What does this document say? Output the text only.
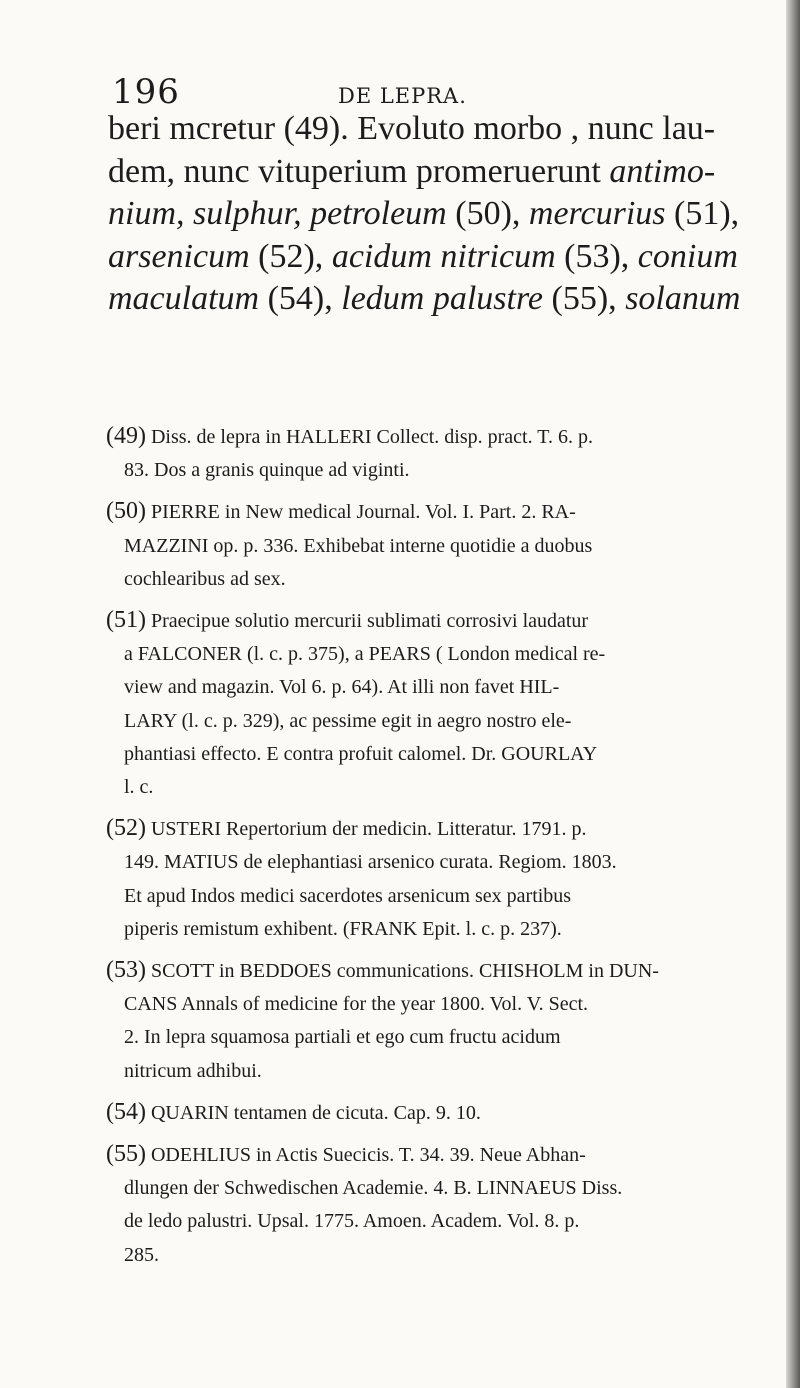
196	DE LEPRA.
beri mcretur (49). Evoluto morbo , nunc lau-
dem, nunc vituperium promeruerunt antimo-
nium, sulphur, petroleum (50), mercurius (51),
arsenicum (52), acidum nitricum (53), conium
maculatum (54), ledum palustre (55), solanum

(49) Diss. de lepra in HALLERI Collect. disp. pract. T. 6. p.
83. Dos a granis quinque ad viginti.

(50) PIERRE in New medical Journal. Vol. I. Part. 2. RA-
MAZZINI op. p. 336. Exhibebat interne quotidie a duobus
cochlearibus ad sex.

(51) Praecipue solutio mercurii sublimati corrosivi laudatur
a FALCONER (l. c. p. 375), a PEARS ( London medical re-
view and magazin. Vol 6. p. 64). At illi non favet HIL-
LARY (l. c. p. 329), ac pessime egit in aegro nostro ele-
phantiasi effecto. E contra profuit calomel. Dr. GOURLAY
l. c.

(52) USTERI Repertorium der medicin. Litteratur. 1791. p.
149. MATIUS de elephantiasi arsenico curata. Regiom. 1803.
Et apud Indos medici sacerdotes arsenicum sex partibus
piperis remistum exhibent. (FRANK Epit. l. c. p. 237).

(53) SCOTT in BEDDOES communications. CHISHOLM in DUN-
CANS Annals of medicine for the year 1800. Vol. V. Sect.
2. In lepra squamosa partiali et ego cum fructu acidum
nitricum adhibui.

(54) QUARIN tentamen de cicuta. Cap. 9. 10.

(55) ODEHLIUS in Actis Suecicis. T. 34. 39. Neue Abhan-
dlungen der Schwedischen Academie. 4. B. LINNAEUS Diss.
de ledo palustri. Upsal. 1775. Amoen. Academ. Vol. 8. p.
285.
